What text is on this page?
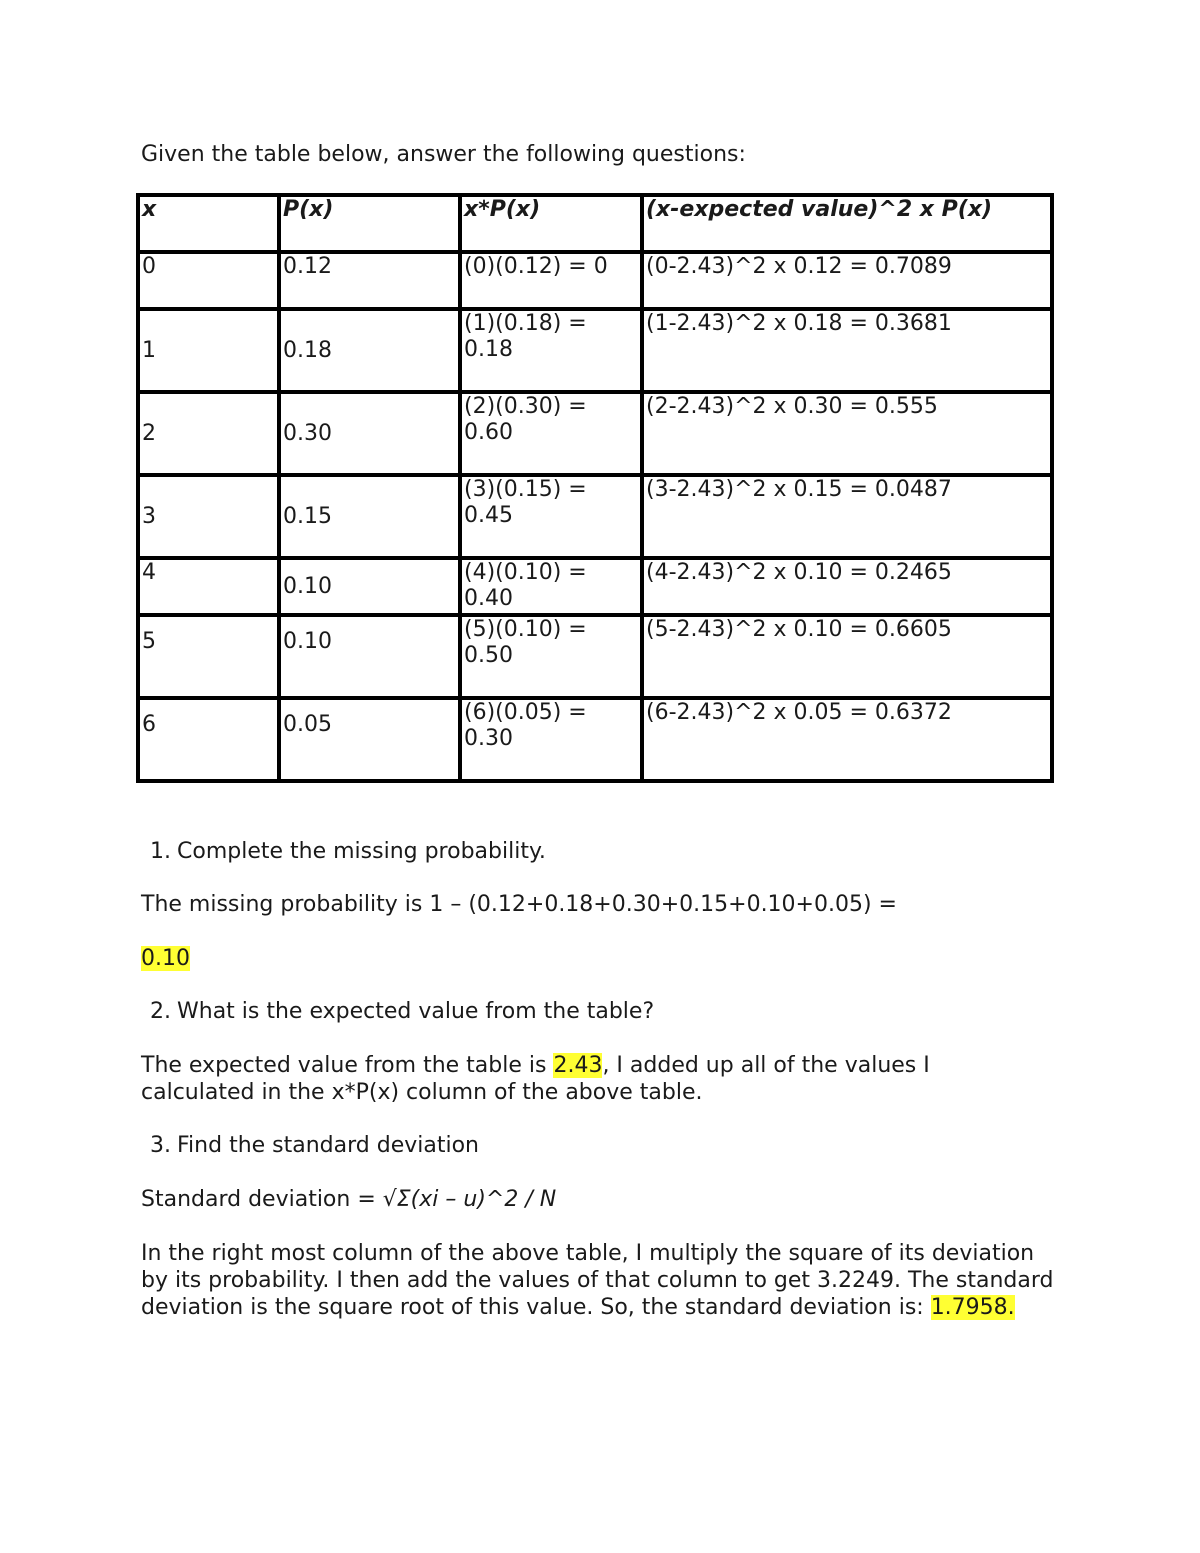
Given the table below, answer the following questions:
x	P(x)	x*P(x)	(x-expected value)^2 x P(x)
0	0.12	(0)(0.12) = 0	(0-2.43)^2 x 0.12 = 0.7089
1	0.18	(1)(0.18) = 0.18	(1-2.43)^2 x 0.18 = 0.3681
2	0.30	(2)(0.30) = 0.60	(2-2.43)^2 x 0.30 = 0.555
3	0.15	(3)(0.15) = 0.45	(3-2.43)^2 x 0.15 = 0.0487
4	0.10	(4)(0.10) = 0.40	(4-2.43)^2 x 0.10 = 0.2465
5	0.10	(5)(0.10) = 0.50	(5-2.43)^2 x 0.10 = 0.6605
6	0.05	(6)(0.05) = 0.30	(6-2.43)^2 x 0.05 = 0.6372
1. Complete the missing probability.
The missing probability is 1 – (0.12+0.18+0.30+0.15+0.10+0.05) =
0.10
2. What is the expected value from the table?
The expected value from the table is 2.43, I added up all of the values I calculated in the x*P(x) column of the above table.
3. Find the standard deviation
Standard deviation = √Σ(xi – u)^2 / N
In the right most column of the above table, I multiply the square of its deviation by its probability. I then add the values of that column to get 3.2249. The standard deviation is the square root of this value. So, the standard deviation is: 1.7958.
